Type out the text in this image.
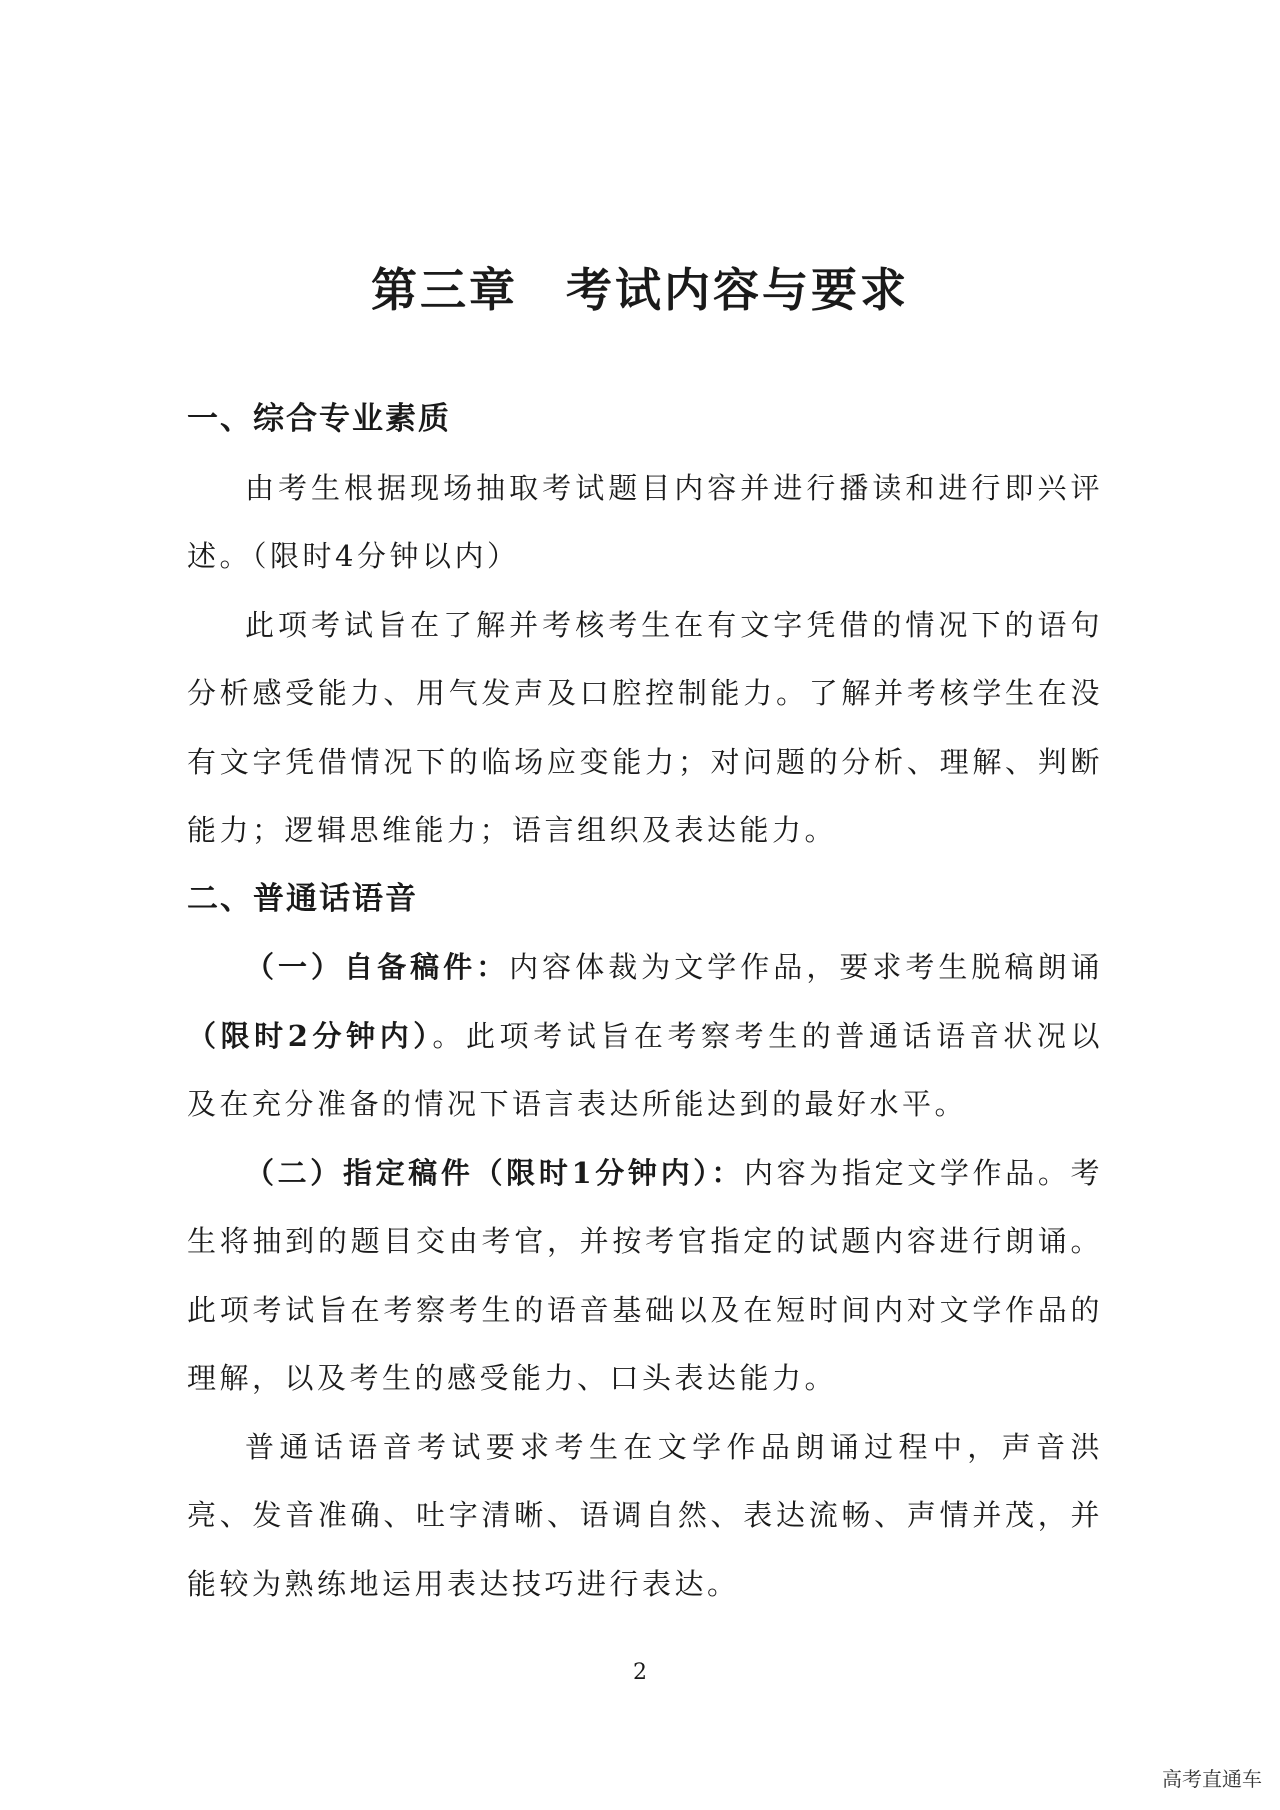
第三章 考试内容与要求
一、综合专业素质

由考生根据现场抽取考试题目内容并进行播读和进行即兴评述。（限时4分钟以内）

此项考试旨在了解并考核考生在有文字凭借的情况下的语句分析感受能力、用气发声及口腔控制能力。了解并考核学生在没有文字凭借情况下的临场应变能力；对问题的分析、理解、判断能力；逻辑思维能力；语言组织及表达能力。

二、普通话语音

（一）自备稿件：内容体裁为文学作品，要求考生脱稿朗诵（限时2分钟内）。此项考试旨在考察考生的普通话语音状况以及在充分准备的情况下语言表达所能达到的最好水平。

（二）指定稿件（限时1分钟内）：内容为指定文学作品。考生将抽到的题目交由考官，并按考官指定的试题内容进行朗诵。此项考试旨在考察考生的语音基础以及在短时间内对文学作品的理解，以及考生的感受能力、口头表达能力。

普通话语音考试要求考生在文学作品朗诵过程中，声音洪亮、发音准确、吐字清晰、语调自然、表达流畅、声情并茂，并能较为熟练地运用表达技巧进行表达。

2
高考直通车
